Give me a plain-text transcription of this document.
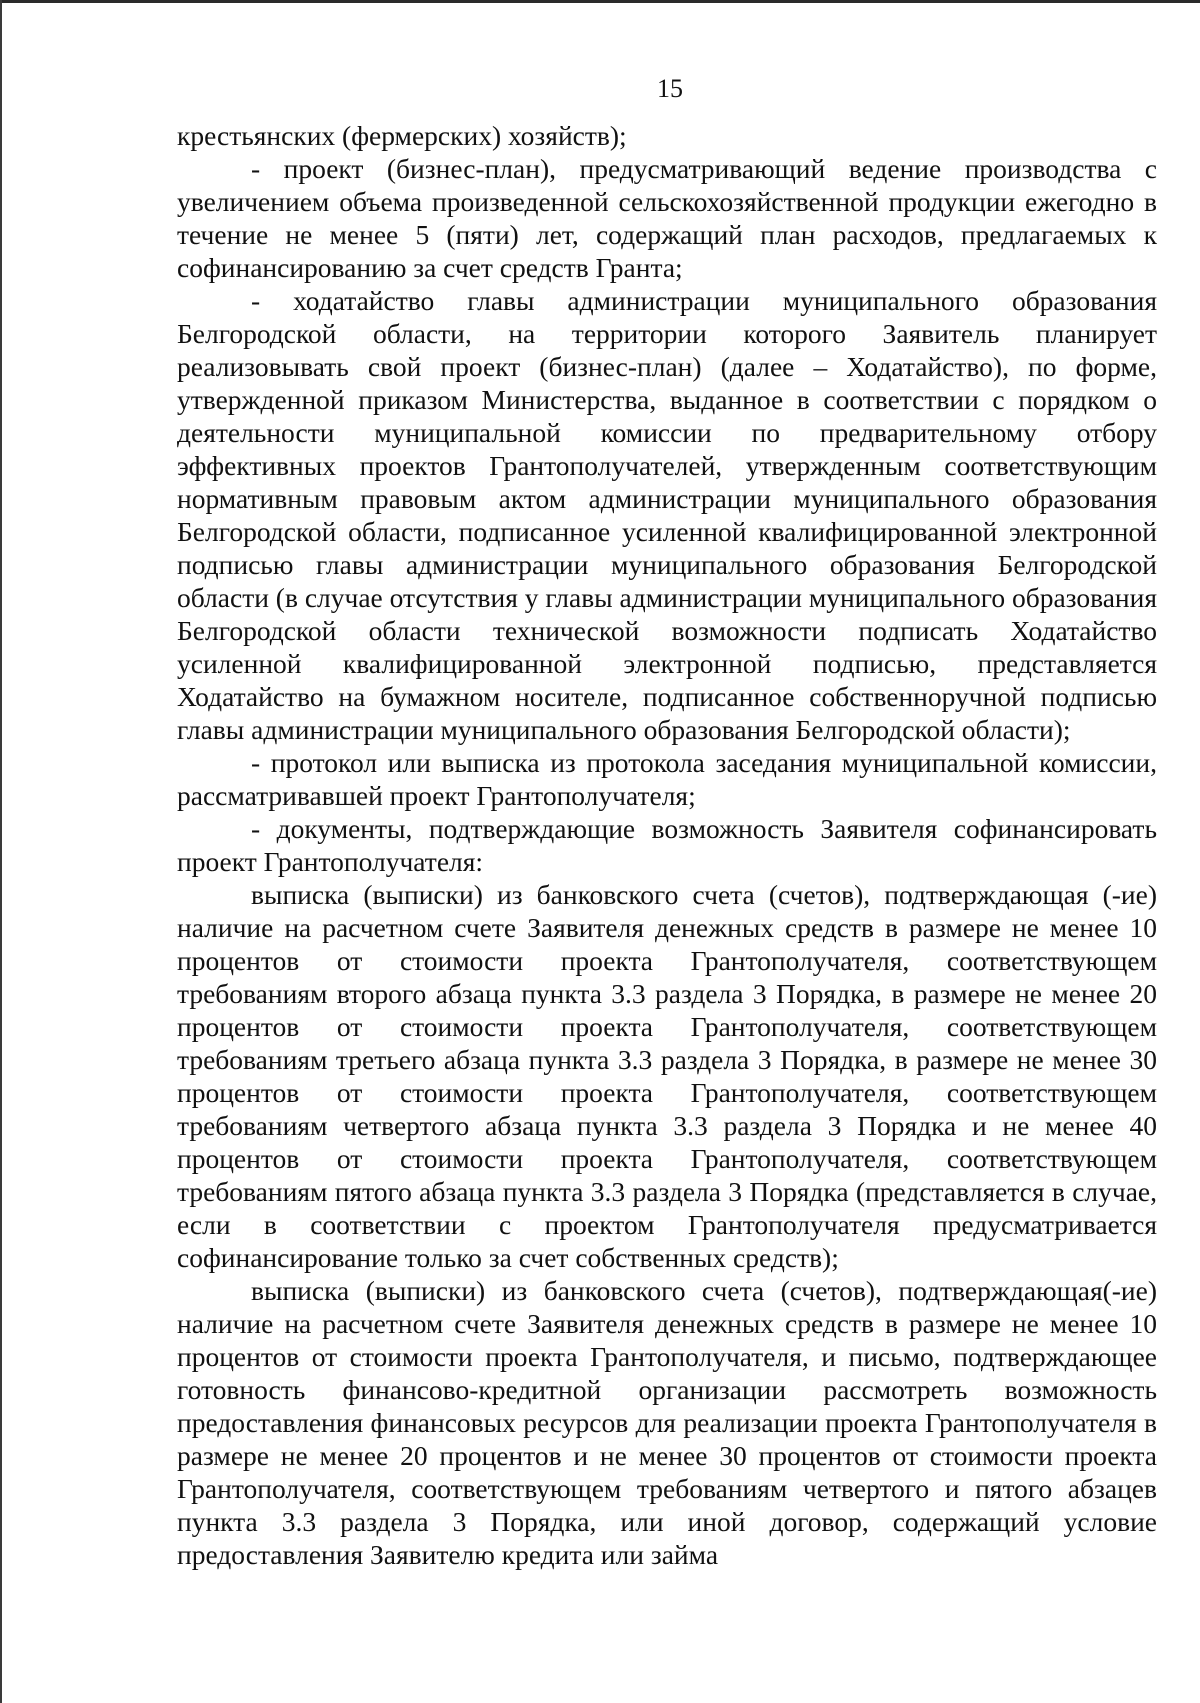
15

крестьянских (фермерских) хозяйств);

- проект (бизнес-план), предусматривающий ведение производства с увеличением объема произведенной сельскохозяйственной продукции ежегодно в течение не менее 5 (пяти) лет, содержащий план расходов, предлагаемых к софинансированию за счет средств Гранта;

- ходатайство главы администрации муниципального образования Белгородской области, на территории которого Заявитель планирует реализовывать свой проект (бизнес-план) (далее – Ходатайство), по форме, утвержденной приказом Министерства, выданное в соответствии с порядком о деятельности муниципальной комиссии по предварительному отбору эффективных проектов Грантополучателей, утвержденным соответствующим нормативным правовым актом администрации муниципального образования Белгородской области, подписанное усиленной квалифицированной электронной подписью главы администрации муниципального образования Белгородской области (в случае отсутствия у главы администрации муниципального образования Белгородской области технической возможности подписать Ходатайство усиленной квалифицированной электронной подписью, представляется Ходатайство на бумажном носителе, подписанное собственноручной подписью главы администрации муниципального образования Белгородской области);

- протокол или выписка из протокола заседания муниципальной комиссии, рассматривавшей проект Грантополучателя;

- документы, подтверждающие возможность Заявителя софинансировать проект Грантополучателя:

выписка (выписки) из банковского счета (счетов), подтверждающая (-ие) наличие на расчетном счете Заявителя денежных средств в размере не менее 10 процентов от стоимости проекта Грантополучателя, соответствующем требованиям второго абзаца пункта 3.3 раздела 3 Порядка, в размере не менее 20 процентов от стоимости проекта Грантополучателя, соответствующем требованиям третьего абзаца пункта 3.3 раздела 3 Порядка, в размере не менее 30 процентов от стоимости проекта Грантополучателя, соответствующем требованиям четвертого абзаца пункта 3.3 раздела 3 Порядка и не менее 40 процентов от стоимости проекта Грантополучателя, соответствующем требованиям пятого абзаца пункта 3.3 раздела 3 Порядка (представляется в случае, если в соответствии с проектом Грантополучателя предусматривается софинансирование только за счет собственных средств);

выписка (выписки) из банковского счета (счетов), подтверждающая(-ие) наличие на расчетном счете Заявителя денежных средств в размере не менее 10 процентов от стоимости проекта Грантополучателя, и письмо, подтверждающее готовность финансово-кредитной организации рассмотреть возможность предоставления финансовых ресурсов для реализации проекта Грантополучателя в размере не менее 20 процентов и не менее 30 процентов от стоимости проекта Грантополучателя, соответствующем требованиям четвертого и пятого абзацев пункта 3.3 раздела 3 Порядка, или иной договор, содержащий условие предоставления Заявителю кредита или займа
